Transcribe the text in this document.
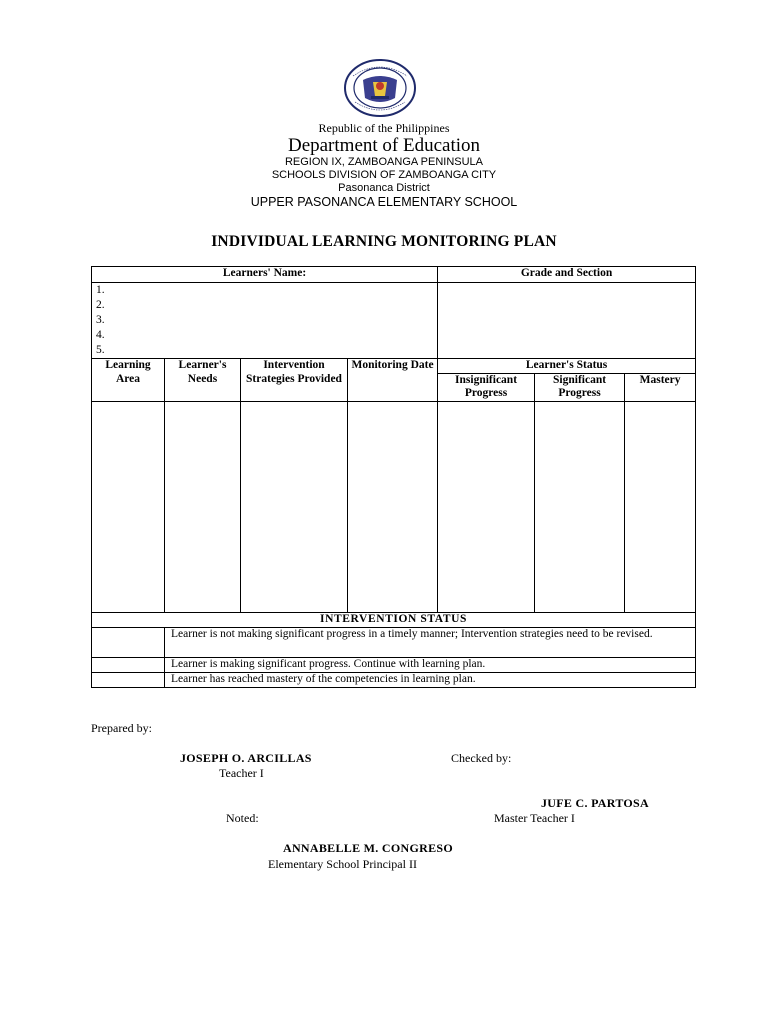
Republic of the Philippines
Department of Education
REGION IX, ZAMBOANGA PENINSULA
SCHOOLS DIVISION OF ZAMBOANGA CITY
Pasonanca District
UPPER PASONANCA ELEMENTARY SCHOOL
INDIVIDUAL LEARNING MONITORING PLAN
Learners' Name:				Grade and Section		

1.
2.
3.
4.
5.						

Learning Area	Learner's Needs	Intervention Strategies Provided	Monitoring Date	Learner's Status		
				Insignificant Progress	Significant Progress	Mastery

INTERVENTION STATUS						
	Learner is not making significant progress in a timely manner; Intervention strategies need to be revised.					
	Learner is making significant progress. Continue with learning plan.					
	Learner has reached mastery of the competencies in learning plan.					
Prepared by:
JOSEPH O. ARCILLAS
Teacher I
Checked by:
JUFE C. PARTOSA
Master Teacher I
Noted:
ANNABELLE M. CONGRESO
Elementary School Principal II
